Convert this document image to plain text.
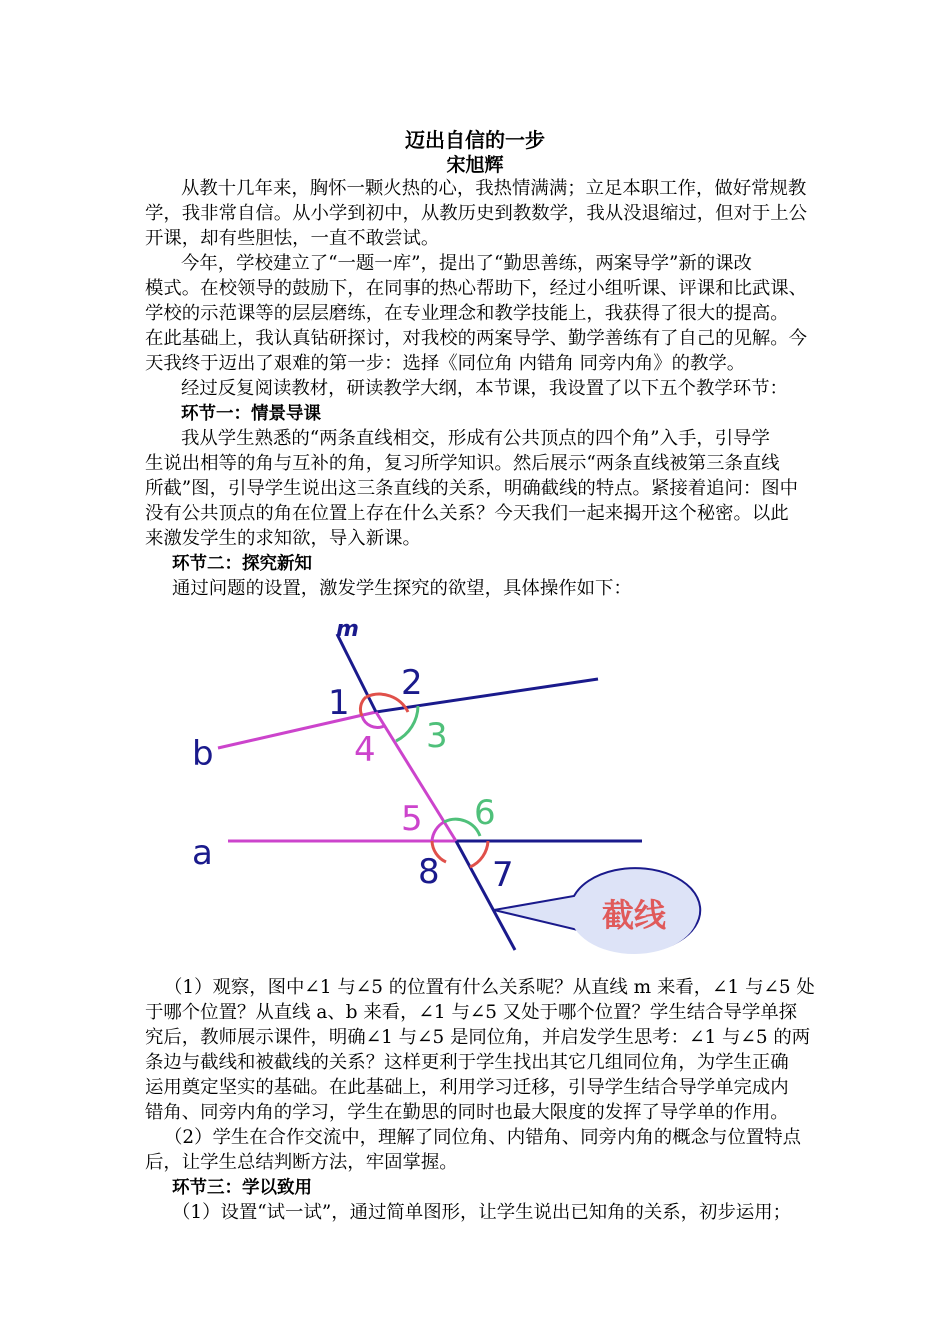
迈出自信的一步
宋旭辉
从教十几年来，胸怀一颗火热的心，我热情满满；立足本职工作，做好常规教
学，我非常自信。从小学到初中，从教历史到教数学，我从没退缩过，但对于上公
开课，却有些胆怯，一直不敢尝试。
今年，学校建立了“一题一库”，提出了“勤思善练，两案导学”新的课改
模式。在校领导的鼓励下，在同事的热心帮助下，经过小组听课、评课和比武课、
学校的示范课等的层层磨练，在专业理念和教学技能上，我获得了很大的提高。
在此基础上，我认真钻研探讨，对我校的两案导学、勤学善练有了自己的见解。今
天我终于迈出了艰难的第一步：选择《同位角 内错角 同旁内角》的教学。
经过反复阅读教材，研读教学大纲，本节课，我设置了以下五个教学环节：
环节一：情景导课
我从学生熟悉的“两条直线相交，形成有公共顶点的四个角”入手，引导学
生说出相等的角与互补的角，复习所学知识。然后展示“两条直线被第三条直线
所截”图，引导学生说出这三条直线的关系，明确截线的特点。紧接着追问：图中
没有公共顶点的角在位置上存在什么关系？今天我们一起来揭开这个秘密。以此
来激发学生的求知欲，导入新课。
环节二：探究新知
通过问题的设置，激发学生探究的欲望，具体操作如下：
m
b
a
1 2
3
4
5 6
7
8
截线
（1）观察，图中∠1 与∠5 的位置有什么关系呢？从直线 m 来看，∠1 与∠5 处
于哪个位置？从直线 a、b 来看，∠1 与∠5 又处于哪个位置？学生结合导学单探
究后，教师展示课件，明确∠1 与∠5 是同位角，并启发学生思考：∠1 与∠5 的两
条边与截线和被截线的关系？这样更利于学生找出其它几组同位角，为学生正确
运用奠定坚实的基础。在此基础上，利用学习迁移，引导学生结合导学单完成内
错角、同旁内角的学习，学生在勤思的同时也最大限度的发挥了导学单的作用。
（2）学生在合作交流中，理解了同位角、内错角、同旁内角的概念与位置特点
后，让学生总结判断方法，牢固掌握。
环节三：学以致用
（1）设置“试一试”，通过简单图形，让学生说出已知角的关系，初步运用；
